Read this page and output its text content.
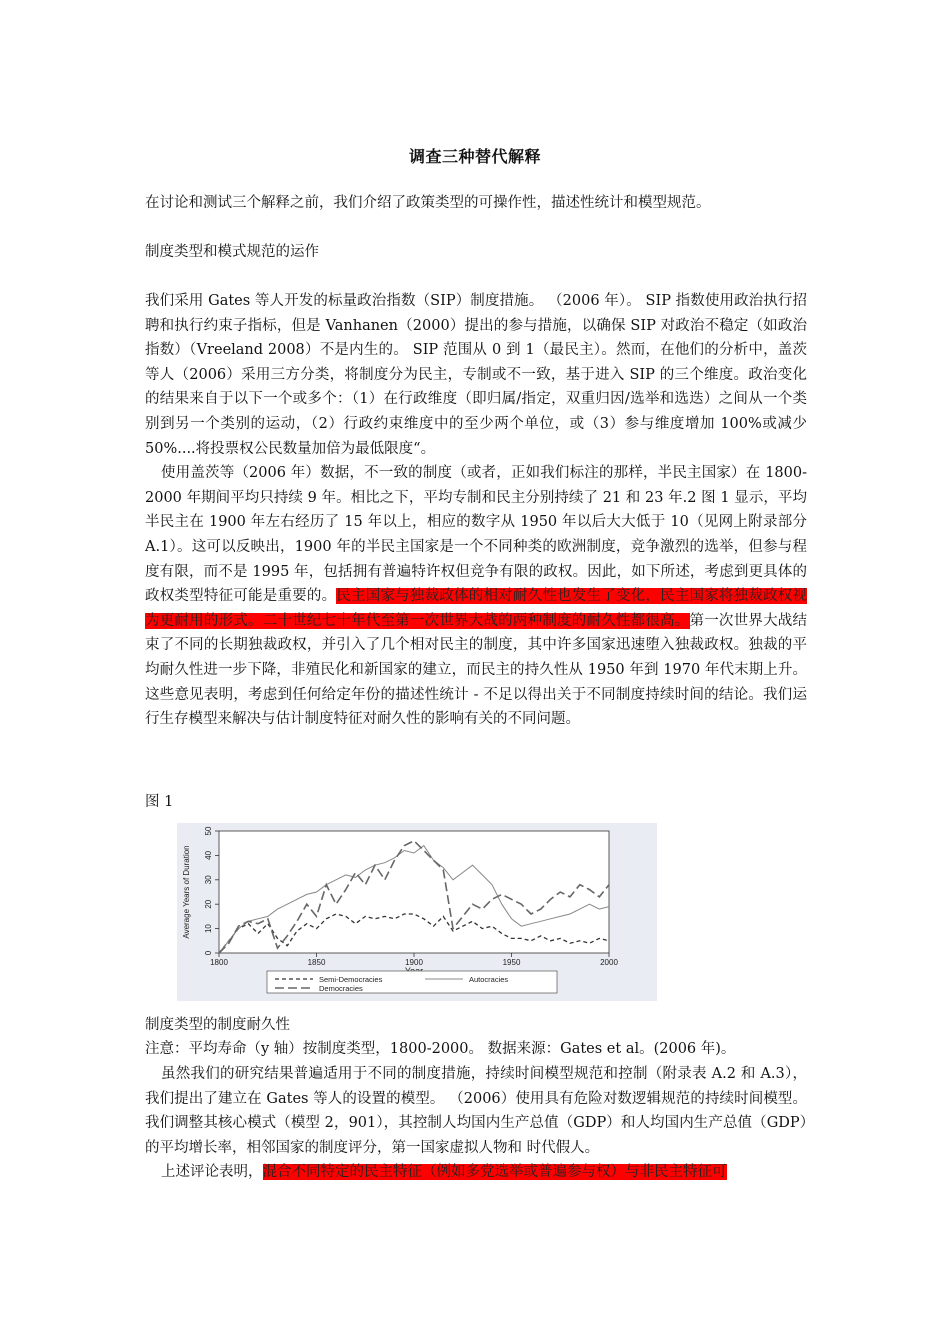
调查三种替代解释
在讨论和测试三个解释之前，我们介绍了政策类型的可操作性，描述性统计和模型规范。
制度类型和模式规范的运作

我们采用 Gates 等人开发的标量政治指数（SIP）制度措施。 （2006 年）。 SIP 指数使用政治执行招聘和执行约束子指标，但是 Vanhanen（2000）提出的参与措施，以确保 SIP 对政治不稳定（如政治指数）（Vreeland 2008）不是内生的。 SIP 范围从 0 到 1（最民主）。然而，在他们的分析中，盖茨等人（2006）采用三方分类，将制度分为民主，专制或不一致，基于进入 SIP 的三个维度。政治变化的结果来自于以下一个或多个：（1）在行政维度（即归属/指定，双重归因/选举和选迭）之间从一个类别到另一个类别的运动，（2）行政约束维度中的至少两个单位，或（3）参与维度增加 100%或减少 50%....将投票权公民数量加倍为最低限度“。

使用盖茨等（2006 年）数据，不一致的制度（或者，正如我们标注的那样，半民主国家）在 1800-2000 年期间平均只持续 9 年。相比之下，平均专制和民主分别持续了 21 和 23 年.2 图 1 显示，平均半民主在 1900 年左右经历了 15 年以上，相应的数字从 1950 年以后大大低于 10（见网上附录部分 A.1）。这可以反映出，1900 年的半民主国家是一个不同种类的欧洲制度，竞争激烈的选举，但参与程度有限，而不是 1995 年，包括拥有普遍特许权但竞争有限的政权。因此，如下所述，考虑到更具体的政权类型特征可能是重要的。民主国家与独裁政体的相对耐久性也发生了变化，民主国家将独裁政权视为更耐用的形式。二十世纪七十年代至第一次世界大战的两种制度的耐久性都很高。第一次世界大战结束了不同的长期独裁政权，并引入了几个相对民主的制度，其中许多国家迅速堕入独裁政权。独裁的平均耐久性进一步下降，非殖民化和新国家的建立，而民主的持久性从 1950 年到 1970 年代末期上升。这些意见表明，考虑到任何给定年份的描述性统计 - 不足以得出关于不同制度持续时间的结论。我们运行生存模型来解决与估计制度特征对耐久性的影响有关的不同问题。

图 1
0
10
20
30
40
50
1800	1850	1900	1950	2000
Average Years of Duration
Semi-Democracies	Autocracies
Democracies
制度类型的制度耐久性
注意：平均寿命（y 轴）按制度类型，1800-2000。 数据来源：Gates et al。(2006 年)。

虽然我们的研究结果普遍适用于不同的制度措施，持续时间模型规范和控制（附录表 A.2 和 A.3），我们提出了建立在 Gates 等人的设置的模型。 （2006）使用具有危险对数逻辑规范的持续时间模型。 我们调整其核心模式（模型 2，901），其控制人均国内生产总值（GDP）和人均国内生产总值（GDP）的平均增长率，相邻国家的制度评分，第一国家虚拟人物和 时代假人。

上述评论表明，混合不同特定的民主特征（例如多党选举或普遍参与权）与非民主特征可
